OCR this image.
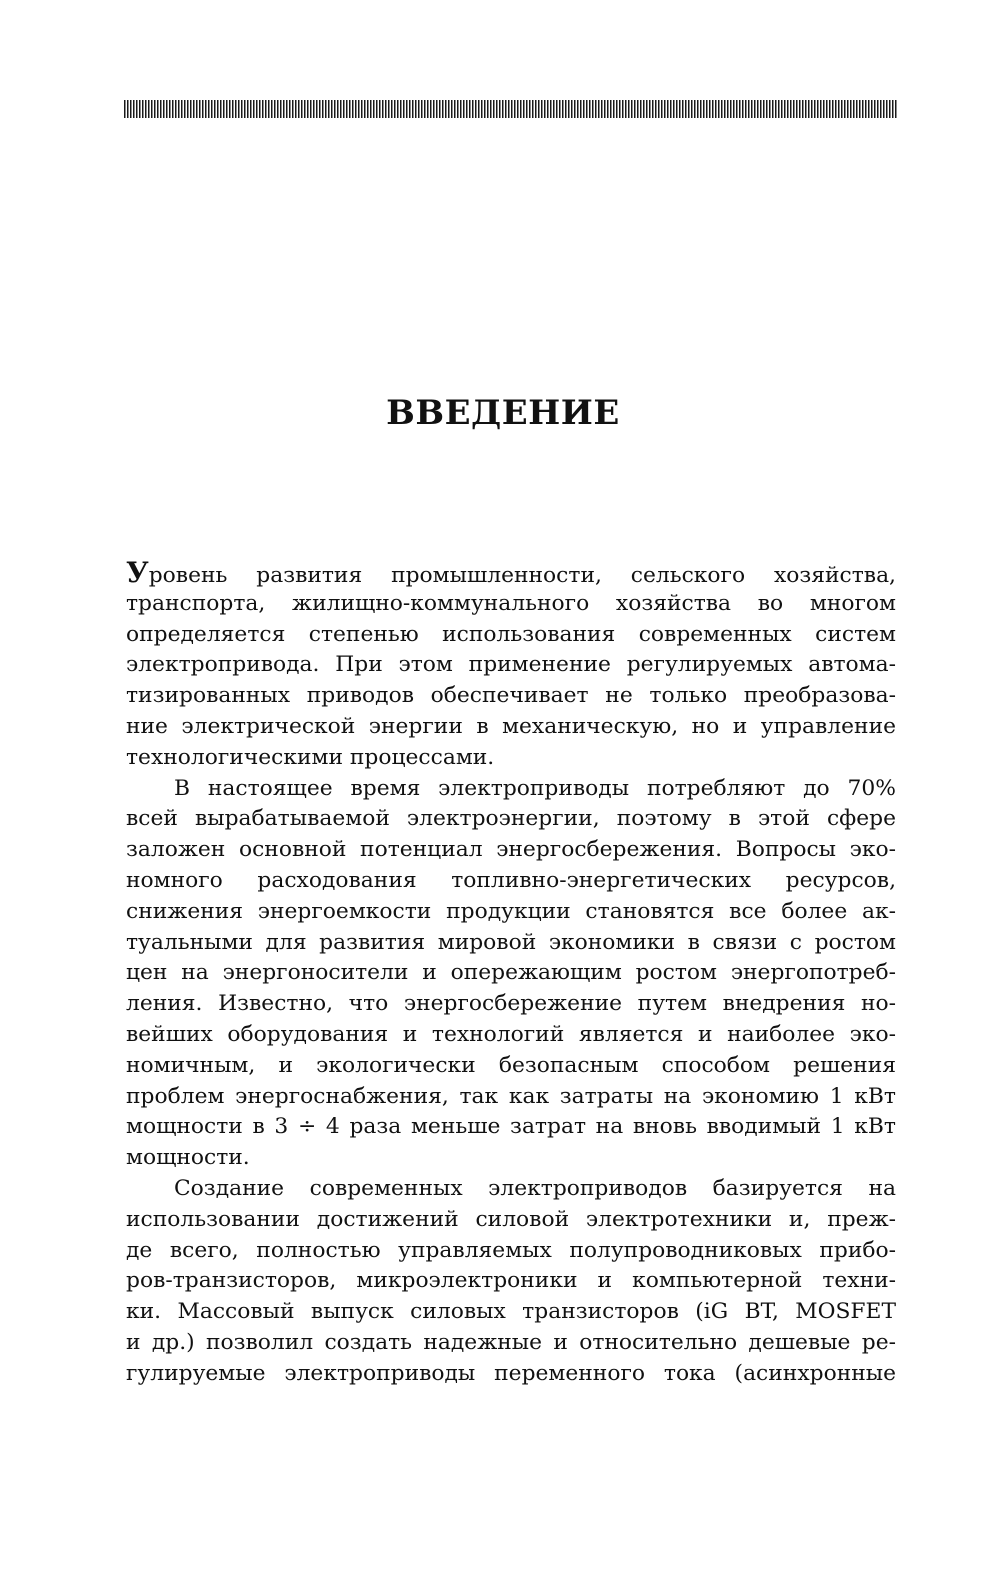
ВВЕДЕНИЕ
Уровень развития промышленности, сельского хозяйства,
транспорта, жилищно-коммунального хозяйства во многом
определяется степенью использования современных систем
электропривода. При этом применение регулируемых автома-
тизированных приводов обеспечивает не только преобразова-
ние электрической энергии в механическую, но и управление
технологическими процессами.
В настоящее время электроприводы потребляют до 70%
всей вырабатываемой электроэнергии, поэтому в этой сфере
заложен основной потенциал энергосбережения. Вопросы эко-
номного расходования топливно-энергетических ресурсов,
снижения энергоемкости продукции становятся все более ак-
туальными для развития мировой экономики в связи с ростом
цен на энергоносители и опережающим ростом энергопотреб-
ления. Известно, что энергосбережение путем внедрения но-
вейших оборудования и технологий является и наиболее эко-
номичным, и экологически безопасным способом решения
проблем энергоснабжения, так как затраты на экономию 1 кВт
мощности в 3 ÷ 4 раза меньше затрат на вновь вводимый 1 кВт
мощности.
Создание современных электроприводов базируется на
использовании достижений силовой электротехники и, преж-
де всего, полностью управляемых полупроводниковых прибо-
ров-транзисторов, микроэлектроники и компьютерной техни-
ки. Массовый выпуск силовых транзисторов (iG BT, MOSFET
и др.) позволил создать надежные и относительно дешевые ре-
гулируемые электроприводы переменного тока (асинхронные
